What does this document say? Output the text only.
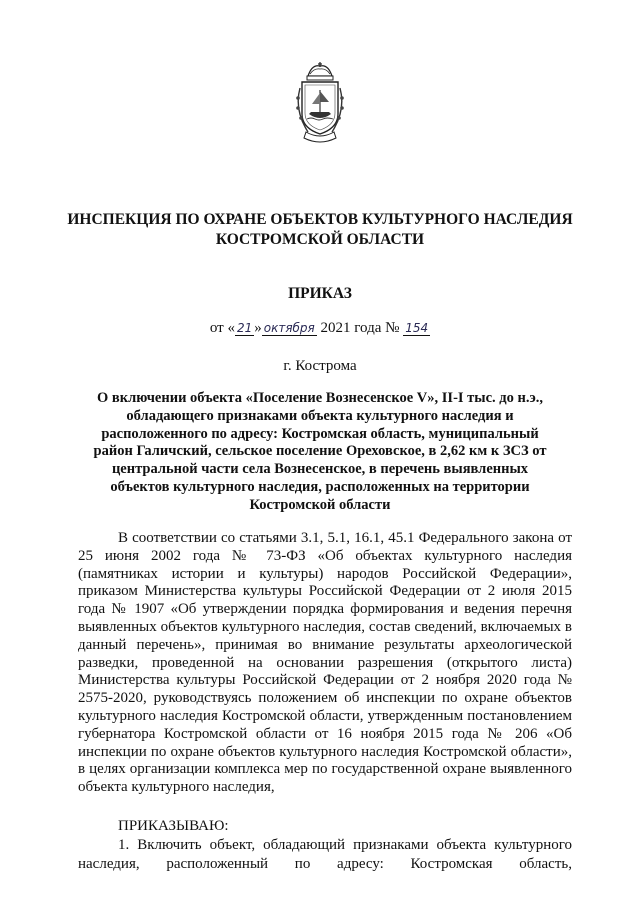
ИНСПЕКЦИЯ ПО ОХРАНЕ ОБЪЕКТОВ КУЛЬТУРНОГО НАСЛЕДИЯ КОСТРОМСКОЙ ОБЛАСТИ
ПРИКАЗ
от « 21 » октября 2021 года № 154
г. Кострома
О включении объекта «Поселение Вознесенское V», II-I тыс. до н.э., обладающего признаками объекта культурного наследия и расположенного по адресу: Костромская область, муниципальный район Галичский, сельское поселение Ореховское, в 2,62 км к ЗСЗ от центральной части села Вознесенское, в перечень выявленных объектов культурного наследия, расположенных на территории Костромской области

В соответствии со статьями 3.1, 5.1, 16.1, 45.1 Федерального закона от 25 июня 2002 года № 73-ФЗ «Об объектах культурного наследия (памятниках истории и культуры) народов Российской Федерации», приказом Министерства культуры Российской Федерации от 2 июля 2015 года № 1907 «Об утверждении порядка формирования и ведения перечня выявленных объектов культурного наследия, состав сведений, включаемых в данный перечень», принимая во внимание результаты археологической разведки, проведенной на основании разрешения (открытого листа) Министерства культуры Российской Федерации от 2 ноября 2020 года № 2575-2020, руководствуясь положением об инспекции по охране объектов культурного наследия Костромской области, утвержденным постановлением губернатора Костромской области от 16 ноября 2015 года № 206 «Об инспекции по охране объектов культурного наследия Костромской области», в целях организации комплекса мер по государственной охране выявленного объекта культурного наследия,

ПРИКАЗЫВАЮ:

1. Включить объект, обладающий признаками объекта культурного наследия, расположенный по адресу: Костромская область,
